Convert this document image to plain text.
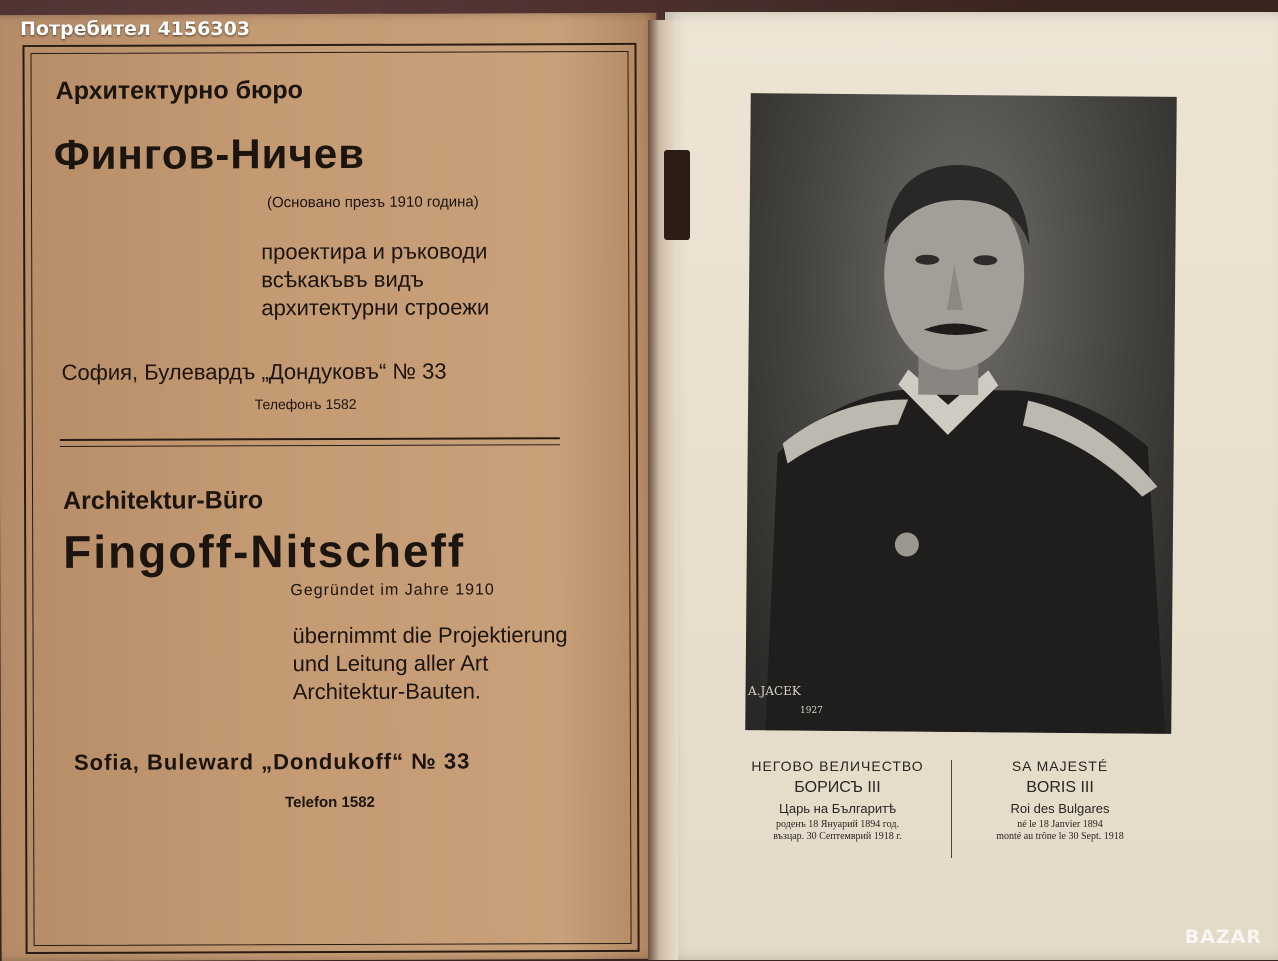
Архитектурно бюро
Фингов-Ничев
(Основано презъ 1910 година)
проектира и ръководи всѣкакъвъ видъ архитектурни строежи
София, Булевардъ „Дондуковъ“ № 33
Телефонъ 1582
Architektur-Büro
Fingoff-Nitscheff
Gegründet im Jahre 1910
übernimmt die Projektierung und Leitung aller Art Architektur-Bauten.
Sofia, Buleward „Dondukoff“ № 33
Telefon 1582
A.JACEK
1927
НЕГОВО ВЕЛИЧЕСТВО
БОРИСЪ III
Царь на Българитѣ
роденъ 18 Януарий 1894 год.
възцар. 30 Септемврий 1918 г.
SA MAJESTÉ
BORIS III
Roi des Bulgares
né le 18 Janvier 1894
monté au trône le 30 Sept. 1918
Потребител 4156303
BAZAR
